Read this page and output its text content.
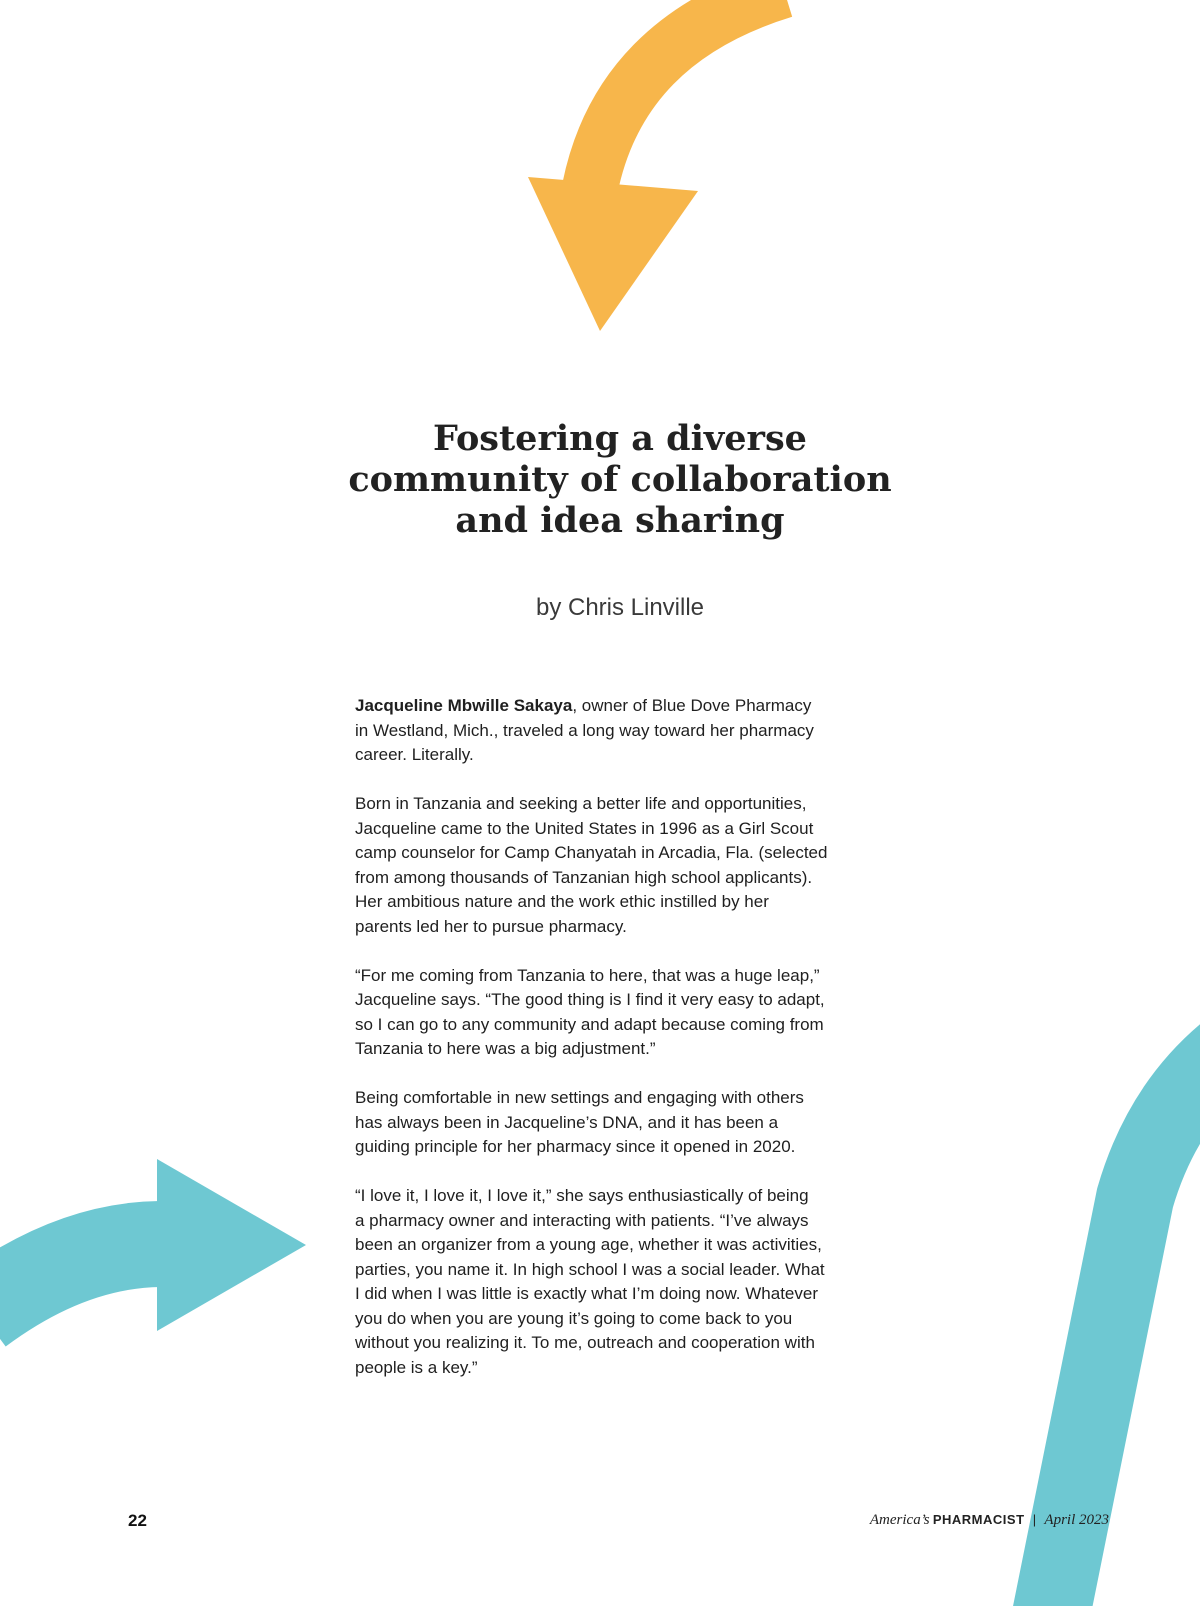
Fostering a diverse
community of collaboration
and idea sharing
by Chris Linville

Jacqueline Mbwille Sakaya, owner of Blue Dove Pharmacy
in Westland, Mich., traveled a long way toward her pharmacy
career. Literally.

Born in Tanzania and seeking a better life and opportunities,
Jacqueline came to the United States in 1996 as a Girl Scout
camp counselor for Camp Chanyatah in Arcadia, Fla. (selected
from among thousands of Tanzanian high school applicants).
Her ambitious nature and the work ethic instilled by her
parents led her to pursue pharmacy.

“For me coming from Tanzania to here, that was a huge leap,”
Jacqueline says. “The good thing is I find it very easy to adapt,
so I can go to any community and adapt because coming from
Tanzania to here was a big adjustment.”

Being comfortable in new settings and engaging with others
has always been in Jacqueline’s DNA, and it has been a
guiding principle for her pharmacy since it opened in 2020.

“I love it, I love it, I love it,” she says enthusiastically of being
a pharmacy owner and interacting with patients. “I’ve always
been an organizer from a young age, whether it was activities,
parties, you name it. In high school I was a social leader. What
I did when I was little is exactly what I’m doing now. Whatever
you do when you are young it’s going to come back to you
without you realizing it. To me, outreach and cooperation with
people is a key.”

22	America’s PHARMACIST | April 2023
